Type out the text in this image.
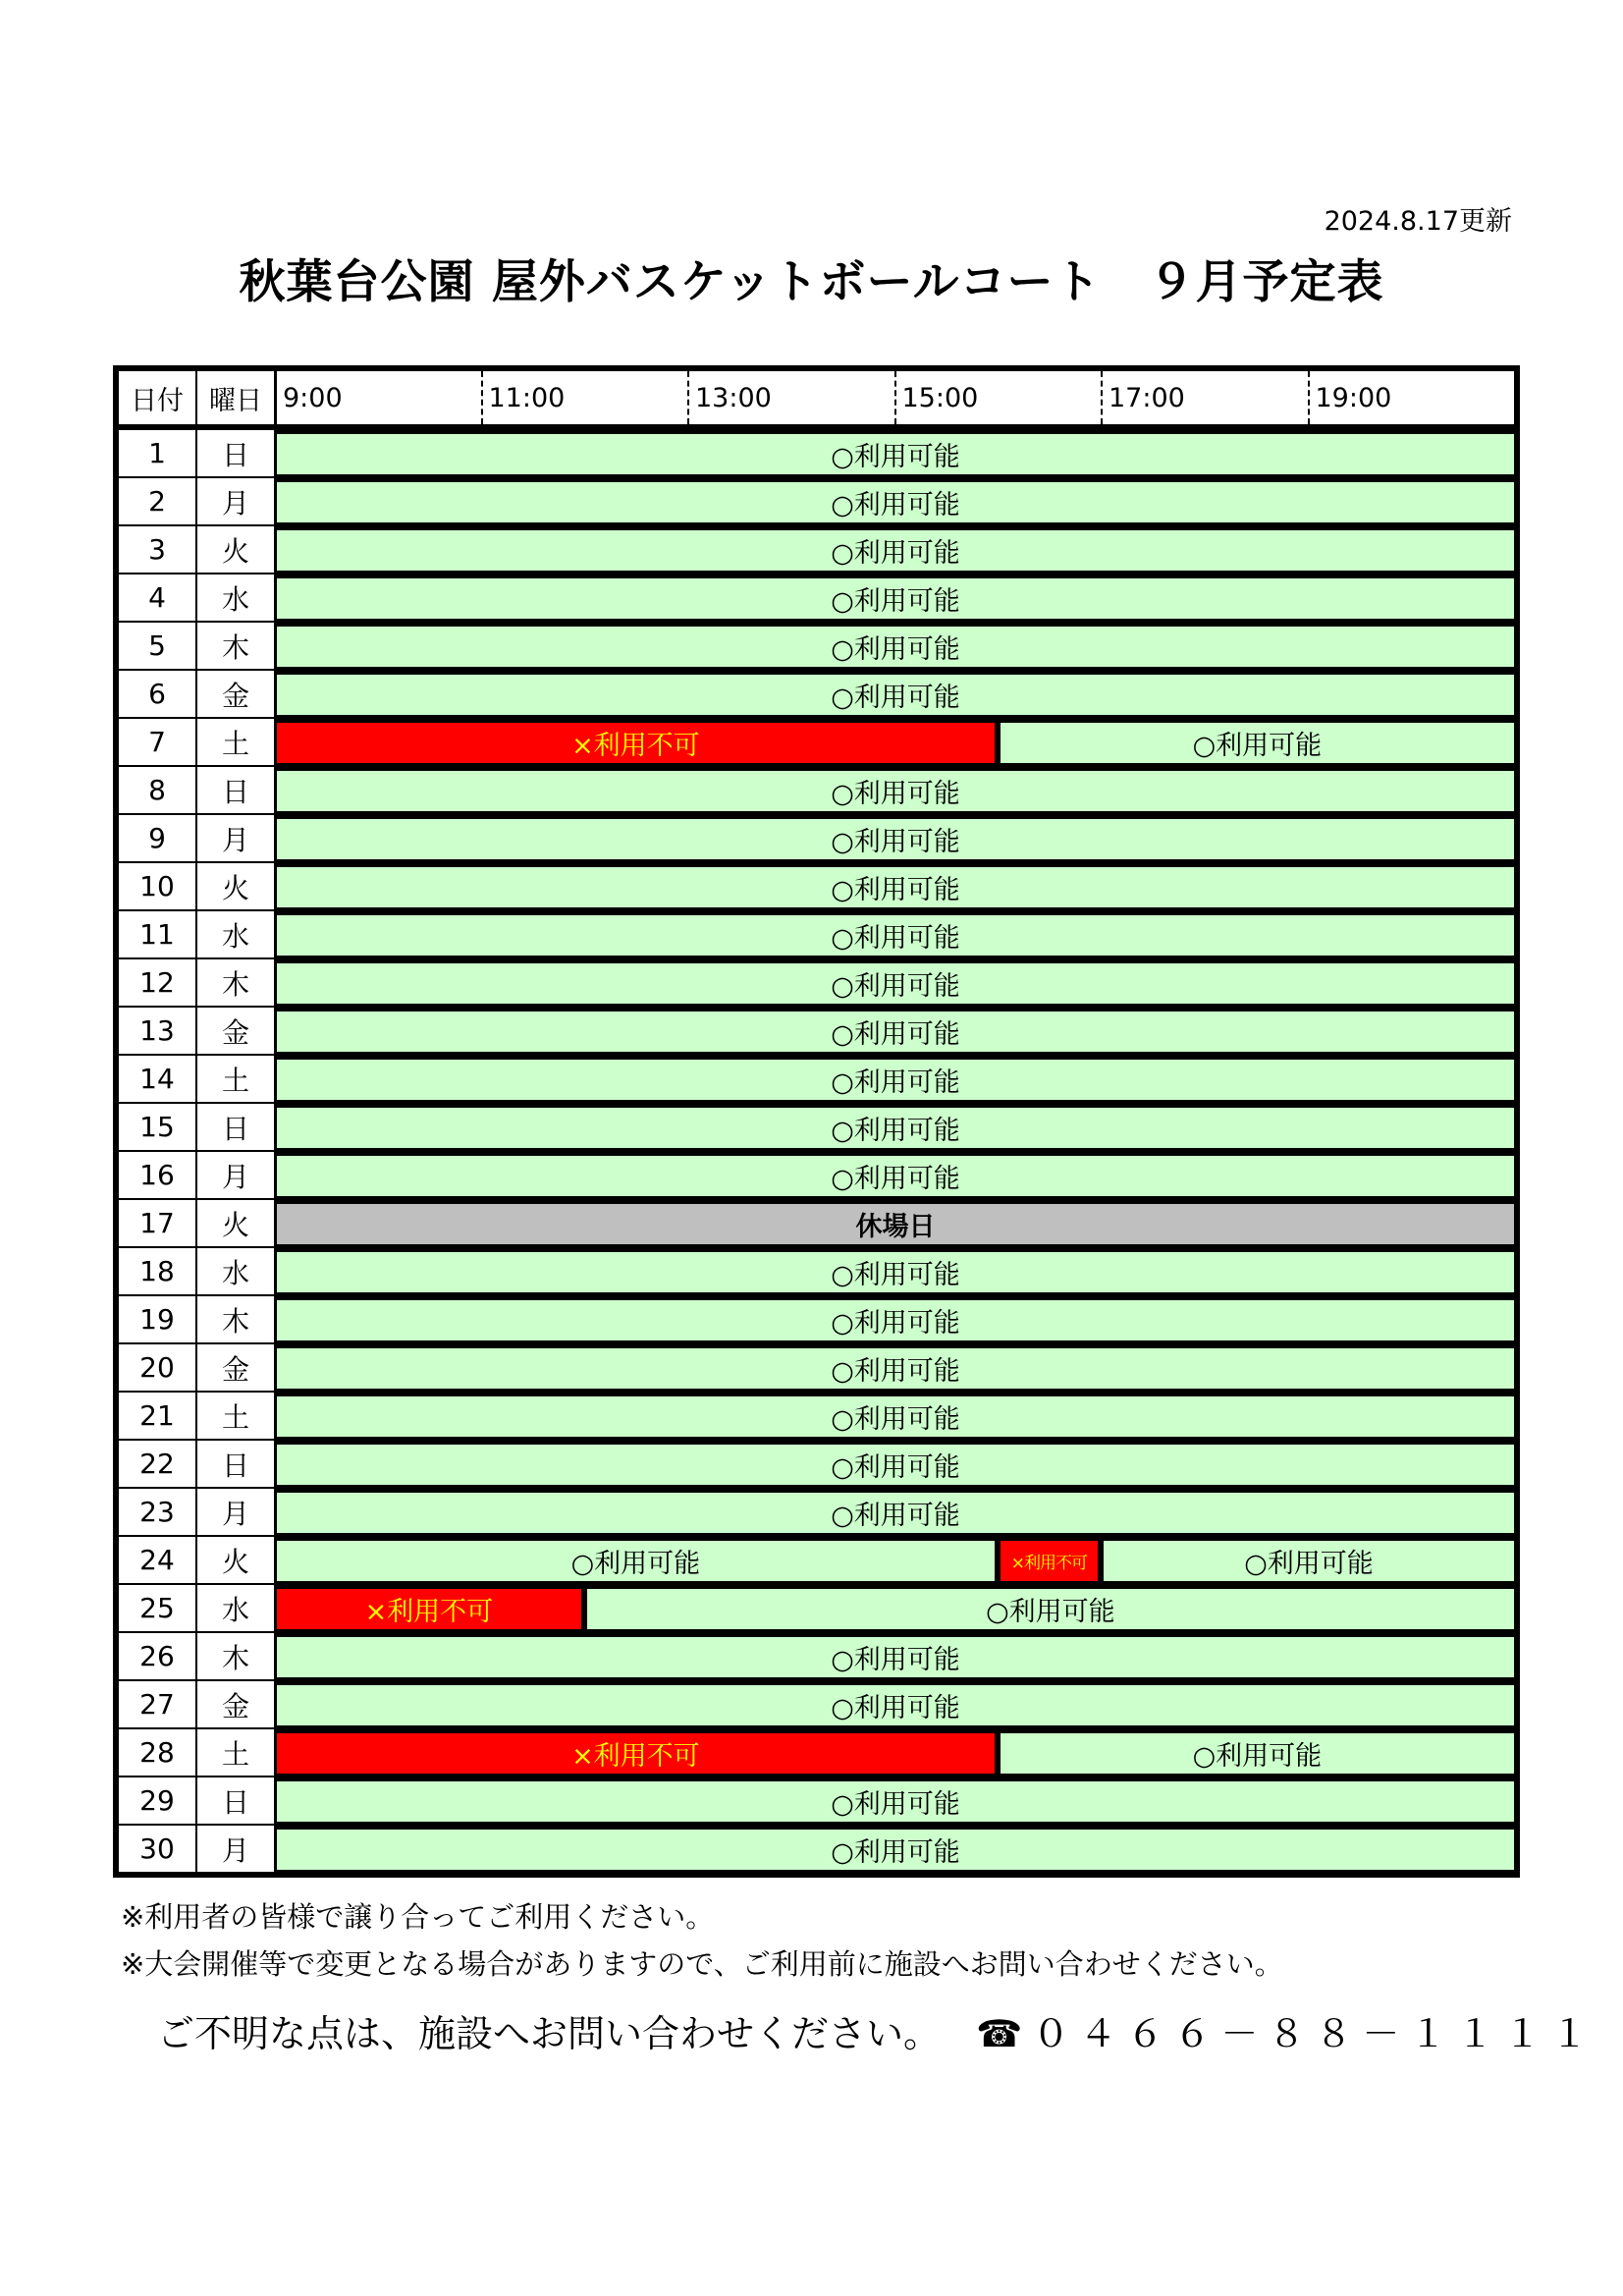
2024.8.17更新
秋葉台公園 屋外バスケットボールコート　９月予定表
日付 曜日 9:00	11:00	13:00	15:00	17:00	19:00
1	日	○利用可能
2	月	○利用可能
3	火	○利用可能
4	水	○利用可能
5	木	○利用可能
6	金	○利用可能
7	土	×利用不可	○利用可能
8	日	○利用可能
9	月	○利用可能
10	火	○利用可能
11	水	○利用可能
12	木	○利用可能
13	金	○利用可能
14	土	○利用可能
15	日	○利用可能
16	月	○利用可能
17	火	休場日
18	水	○利用可能
19	木	○利用可能
20	金	○利用可能
21	土	○利用可能
22	日	○利用可能
23	月	○利用可能
24	火	○利用可能	×利用不可	○利用可能
25	水	×利用不可	○利用可能
26	木	○利用可能
27	金	○利用可能
28	土	×利用不可	○利用可能
29	日	○利用可能
30	月	○利用可能
※利用者の皆様で譲り合ってご利用ください。
※大会開催等で変更となる場合がありますので、ご利用前に施設へお問い合わせください。
ご不明な点は、施設へお問い合わせください。 ☎０４６６－８８－１１１１
